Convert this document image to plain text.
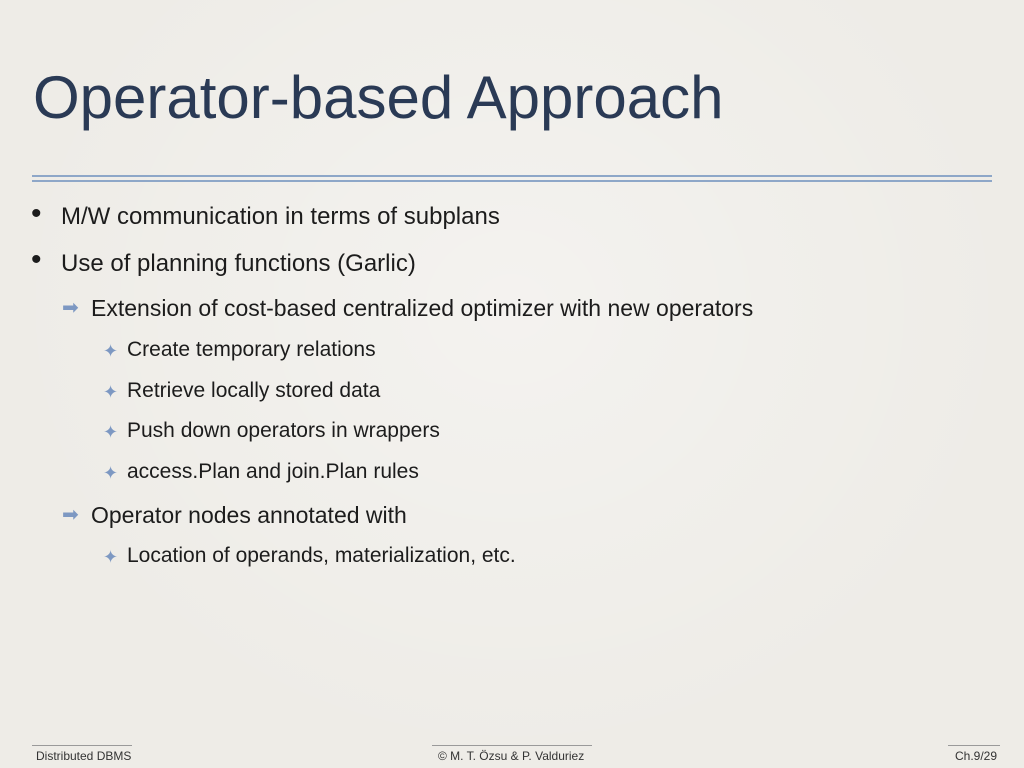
Operator-based Approach
• M/W communication in terms of subplans
• Use of planning functions (Garlic)
➡ Extension of cost-based centralized optimizer with new operators
✦ Create temporary relations
✦ Retrieve locally stored data
✦ Push down operators in wrappers
✦ access.Plan and join.Plan rules
➡ Operator nodes annotated with
✦ Location of operands, materialization, etc.
Distributed DBMS	© M. T. Özsu & P. Valduriez	Ch.9/29
